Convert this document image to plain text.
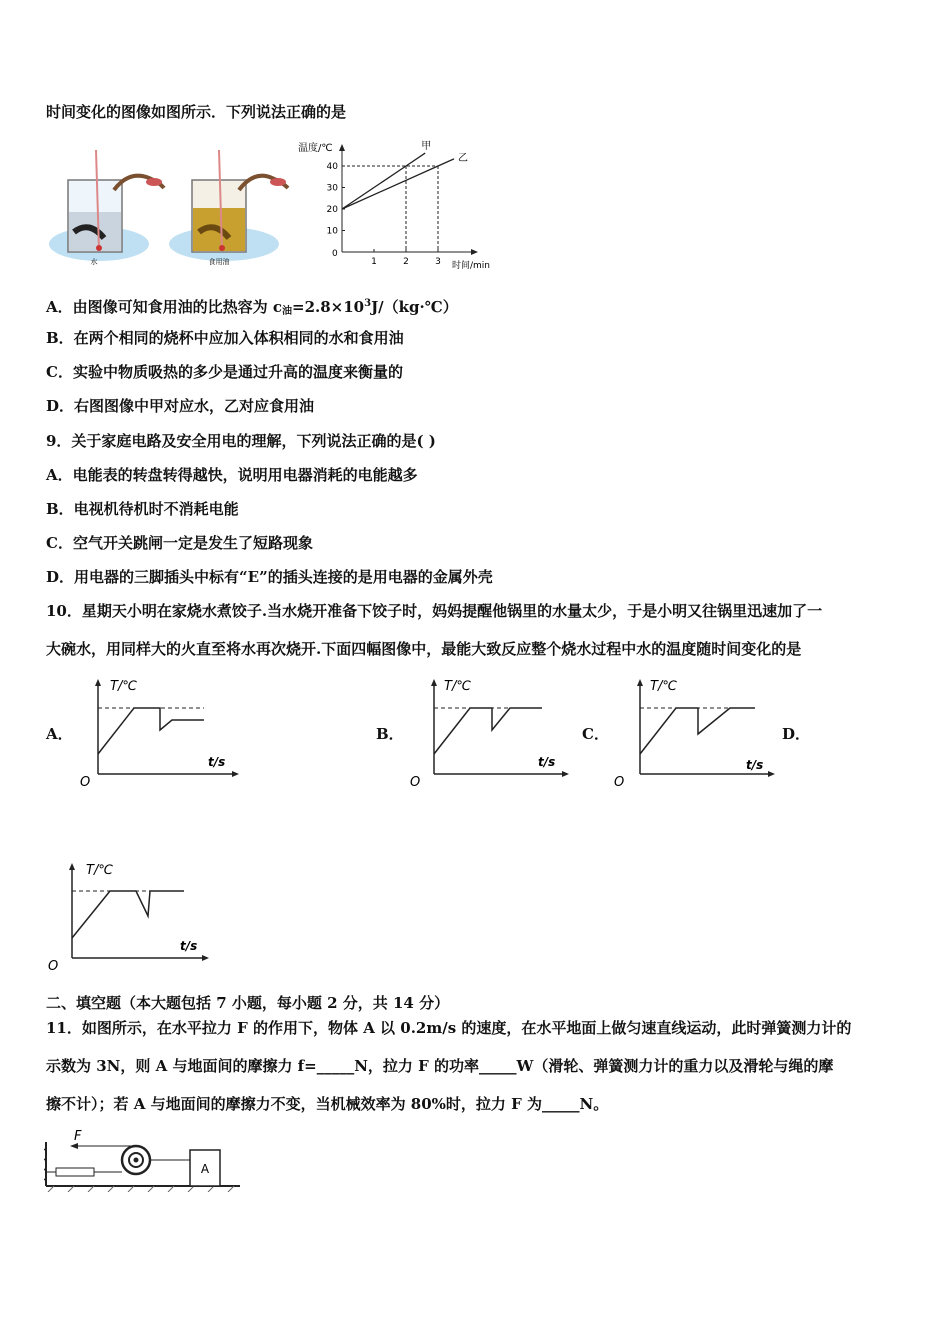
时间变化的图像如图所示．下列说法正确的是
水	食用油
温度/℃
时间/min
0
1	2	3
10
20
30
40
甲
乙
A．由图像可知食用油的比热容为 $c_油=2.8\times 10^3J/(kg\cdot℃)$
B．在两个相同的烧杯中应加入体积相同的水和食用油
C．实验中物质吸热的多少是通过升高的温度来衡量的
D．右图图像中甲对应水，乙对应食用油
9．关于家庭电路及安全用电的理解，下列说法正确的是( )
A．电能表的转盘转得越快，说明用电器消耗的电能越多
B．电视机待机时不消耗电能
C．空气开关跳闸一定是发生了短路现象
D．用电器的三脚插头中标有“E”的插头连接的是用电器的金属外壳
10．星期天小明在家烧水煮饺子.当水烧开准备下饺子时，妈妈提醒他锅里的水量太少，于是小明又往锅里迅速加了一
大碗水，用同样大的火直至将水再次烧开.下面四幅图像中，最能大致反应整个烧水过程中水的温度随时间变化的是
A．	B．	C．	D．
T/℃
t/s
O
T/℃
t/s
O
T/℃
t/s
O
T/℃
t/s
O
二、填空题（本大题包括 7 小题，每小题 2 分，共 14 分）
11．如图所示，在水平拉力 F 的作用下，物体 A 以 0.2m/s 的速度，在水平地面上做匀速直线运动，此时弹簧测力计的
示数为 3N，则 A 与地面间的摩擦力 f=_____N，拉力 F 的功率_____W（滑轮、弹簧测力计的重力以及滑轮与绳的摩
擦不计）；若 A 与地面间的摩擦力不变，当机械效率为 80%时，拉力 F 为_____N。
F
A
